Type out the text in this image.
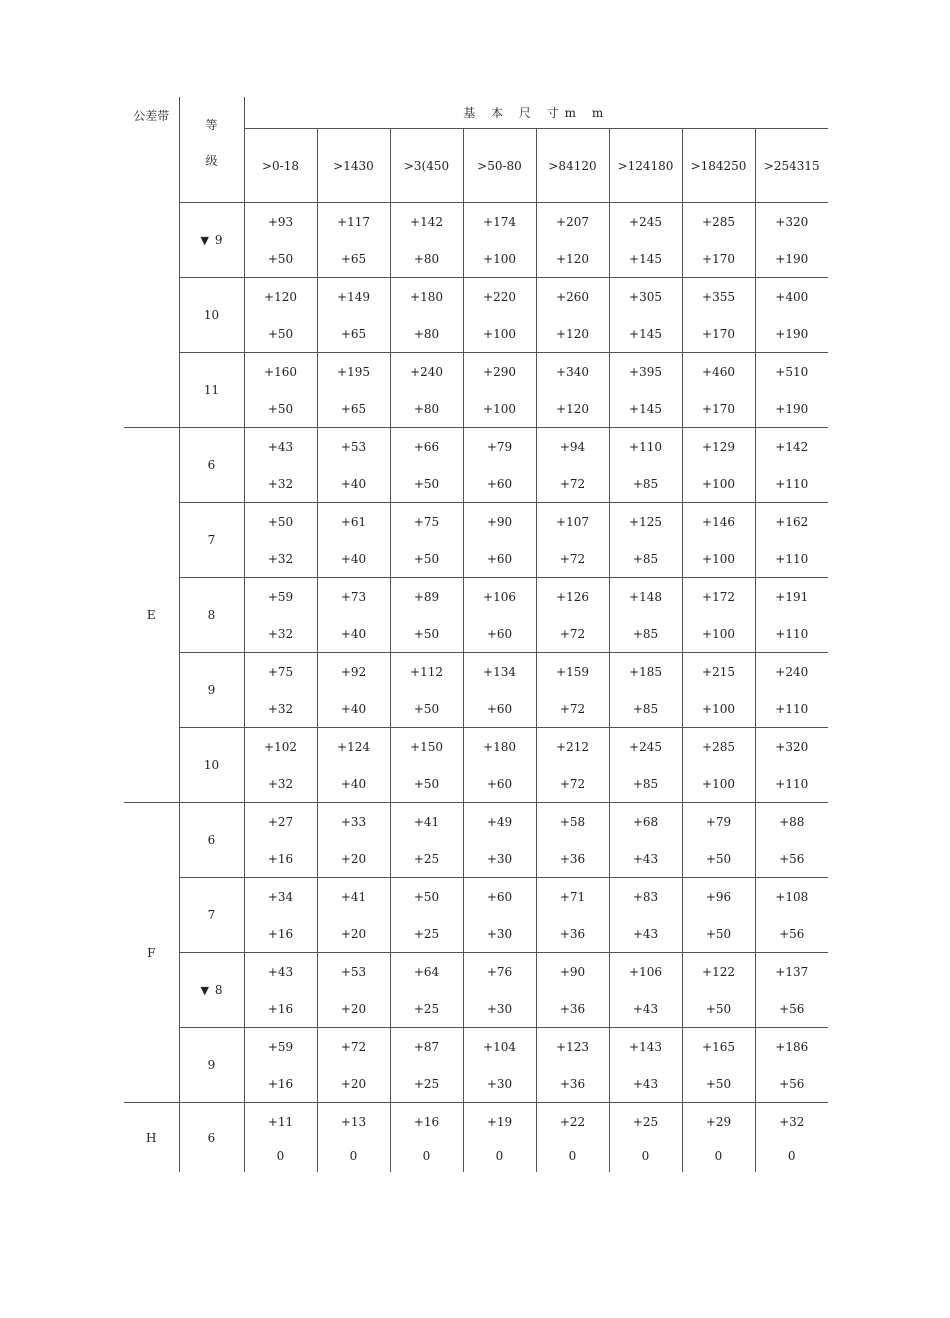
公差带	等
级	基 本 尺 寸m m							
		>0-18	>1430	>3(450	>50-80	>84120	>124180	>184250	>254315
	▼ 9	+93	+117	+142	+174	+207	+245	+285	+320
		+50	+65	+80	+100	+120	+145	+170	+190
	10	+120	+149	+180	+220	+260	+305	+355	+400
		+50	+65	+80	+100	+120	+145	+170	+190
	11	+160	+195	+240	+290	+340	+395	+460	+510
		+50	+65	+80	+100	+120	+145	+170	+190
E	6	+43	+53	+66	+79	+94	+110	+129	+142
		+32	+40	+50	+60	+72	+85	+100	+110
	7	+50	+61	+75	+90	+107	+125	+146	+162
		+32	+40	+50	+60	+72	+85	+100	+110
	8	+59	+73	+89	+106	+126	+148	+172	+191
		+32	+40	+50	+60	+72	+85	+100	+110
	9	+75	+92	+112	+134	+159	+185	+215	+240
		+32	+40	+50	+60	+72	+85	+100	+110
	10	+102	+124	+150	+180	+212	+245	+285	+320
		+32	+40	+50	+60	+72	+85	+100	+110
F	6	+27	+33	+41	+49	+58	+68	+79	+88
		+16	+20	+25	+30	+36	+43	+50	+56
	7	+34	+41	+50	+60	+71	+83	+96	+108
		+16	+20	+25	+30	+36	+43	+50	+56
	▼ 8	+43	+53	+64	+76	+90	+106	+122	+137
		+16	+20	+25	+30	+36	+43	+50	+56
	9	+59	+72	+87	+104	+123	+143	+165	+186
		+16	+20	+25	+30	+36	+43	+50	+56
H	6	+11	+13	+16	+19	+22	+25	+29	+32
		0	0	0	0	0	0	0	0
